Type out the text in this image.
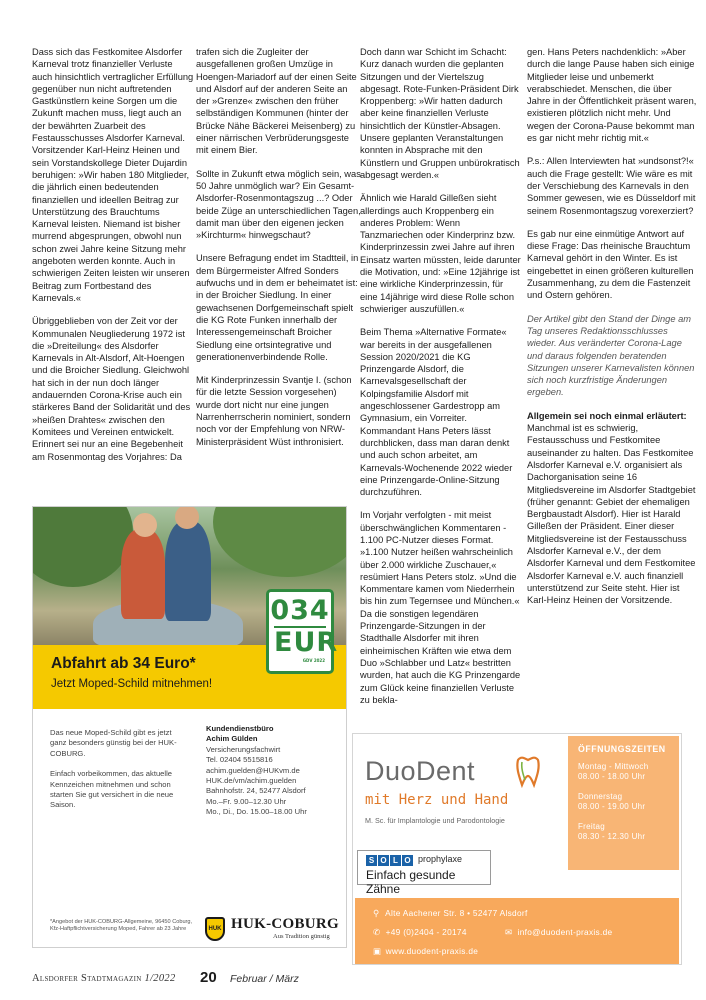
Dass sich das Festkomitee Alsdorfer Karneval trotz finanzieller Verluste auch hinsichtlich vertraglicher Erfüllung gegenüber nun nicht auftretenden Gastkünstlern keine Sorgen um die Zukunft machen muss, liegt auch an der bewährten Zuarbeit des Festausschusses Alsdorfer Karneval. Vorsitzender Karl-Heinz Heinen und sein Vorstandskollege Dieter Dujardin beruhigen: »Wir haben 180 Mitglieder, die jährlich einen bedeutenden finanziellen und ideellen Beitrag zur Unterstützung des Brauchtums Karneval leisten. Niemand ist bisher murrend abgesprungen, obwohl nun schon zwei Jahre keine Sitzung mehr angeboten werden konnte. Auch in schwierigen Zeiten leisten wir unseren Beitrag zum Fortbestand des Karnevals.«

Übriggeblieben von der Zeit vor der Kommunalen Neugliederung 1972 ist die »Dreiteilung« des Alsdorfer Karnevals in Alt-Alsdorf, Alt-Hoengen und die Broicher Siedlung. Gleichwohl hat sich in der nun doch länger andauernden Corona-Krise auch ein stärkeres Band der Solidarität und des »heißen Drahtes« zwischen den Komitees und Vereinen entwickelt. Erinnert sei nur an eine Begebenheit am Rosenmontag des Vorjahres: Da

trafen sich die Zugleiter der ausgefallenen großen Umzüge in Hoengen-Mariadorf auf der einen Seite und Alsdorf auf der anderen Seite an der »Grenze« zwischen den früher selbständigen Kommunen (hinter der Brücke Nähe Bäckerei Meisenberg) zu einer närrischen Verbrüderungsgeste mit einem Bier.

Sollte in Zukunft etwa möglich sein, was 50 Jahre unmöglich war? Ein Gesamt-Alsdorfer-Rosenmontagszug ...? Oder beide Züge an unterschiedlichen Tagen, damit man über den eigenen jecken »Kirchturm« hinwegschaut?

Unsere Befragung endet im Stadtteil, in dem Bürgermeister Alfred Sonders aufwuchs und in dem er beheimatet ist: in der Broicher Siedlung. In einer gewachsenen Dorfgemeinschaft spielt die KG Rote Funken innerhalb der Interessengemeinschaft Broicher Siedlung eine ortsintegrative und generationenverbindende Rolle.

Mit Kinderprinzessin Svantje I. (schon für die letzte Session vorgesehen) wurde dort nicht nur eine jungen Narrenherrscherin nominiert, sondern noch vor der Empfehlung von NRW-Ministerpräsident Wüst inthronisiert.

Doch dann war Schicht im Schacht: Kurz danach wurden die geplanten Sitzungen und der Viertelszug abgesagt. Rote-Funken-Präsident Dirk Kroppenberg: »Wir hatten dadurch aber keine finanziellen Verluste hinsichtlich der Künstler-Absagen. Unsere geplanten Veranstaltungen konnten in Absprache mit den Künstlern und Gruppen unbürokratisch abgesagt werden.«

Ähnlich wie Harald Gilleßen sieht allerdings auch Kroppenberg ein anderes Problem: Wenn Tanzmariechen oder Kinderprinz bzw. Kinderprinzessin zwei Jahre auf ihren Einsatz warten müssten, leide darunter die Motivation, und: »Eine 12jährige ist eine wirkliche Kinderprinzessin, für eine 14jährige wird diese Rolle schon schwieriger auszufüllen.«

Beim Thema »Alternative Formate« war bereits in der ausgefallenen Session 2020/2021 die KG Prinzengarde Alsdorf, die Karnevalsgesellschaft der Kolpingsfamilie Alsdorf mit angeschlossener Gardestropp am Gymnasium, ein Vorreiter. Kommandant Hans Peters lässt durchblicken, dass man daran denkt und auch schon arbeitet, am Karnevals-Wochenende 2022 wieder eine Prinzengarde-Online-Sitzung durchzuführen.

Im Vorjahr verfolgten - mit meist überschwänglichen Kommentaren - 1.100 PC-Nutzer dieses Format. »1.100 Nutzer heißen wahrscheinlich über 2.000 wirkliche Zuschauer,« resümiert Hans Peters stolz. »Und die Kommentare kamen vom Niederrhein bis hin zum Tegernsee und München.« Da die sonstigen legendären Prinzengarde-Sitzungen in der Stadthalle Alsdorfer mit ihren einheimischen Kräften wie etwa dem Duo »Schlabber und Latz« bestritten wurden, hat auch die KG Prinzengarde zum Glück keine finanziellen Verluste zu bekla-

gen. Hans Peters nachdenklich: »Aber durch die lange Pause haben sich einige Mitglieder leise und unbemerkt verabschiedet. Menschen, die über Jahre in der Öffentlichkeit präsent waren, existieren plötzlich nicht mehr. Und wegen der Corona-Pause bekommt man es gar nicht mehr richtig mit.«

P.s.: Allen Interviewten hat »undsonst?!« auch die Frage gestellt: Wie wäre es mit der Verschiebung des Karnevals in den Sommer gewesen, wie es Düsseldorf mit seinem Rosenmontagszug vorexerziert?

Es gab nur eine einmütige Antwort auf diese Frage: Das rheinische Brauchtum Karneval gehört in den Winter. Es ist eingebettet in einen größeren kulturellen Zusammenhang, zu dem die Fastenzeit und Ostern gehören.

Der Artikel gibt den Stand der Dinge am Tag unseres Redaktionsschlusses wieder. Aus veränderter Corona-Lage und daraus folgenden beratenden Sitzungen unserer Karnevalisten können sich noch kurzfristige Änderungen ergeben.

Allgemein sei noch einmal erläutert:

Manchmal ist es schwierig, Festausschuss und Festkomitee auseinander zu halten. Das Festkomitee Alsdorfer Karneval e.V. organisiert als Dachorganisation seine 16 Mitgliedsvereine im Alsdorfer Stadtgebiet (früher genannt: Gebiet der ehemaligen Bergbaustadt Alsdorf). Hier ist Harald Gilleßen der Präsident. Einer dieser Mitgliedsvereine ist der Festausschuss Alsdorfer Karneval e.V., der dem Alsdorfer Karneval und dem Festkomitee Alsdorfer Karneval e.V. auch finanziell unterstützend zur Seite steht. Hier ist Karl-Heinz Heinen der Vorsitzende.

034
EUR
GDV 2022
Abfahrt ab 34 Euro*
Jetzt Moped-Schild mitnehmen!

Das neue Moped-Schild gibt es jetzt ganz besonders günstig bei der HUK-COBURG.

Einfach vorbeikommen, das aktuelle Kennzeichen mitnehmen und schon starten Sie gut versichert in die neue Saison.

Kundendienstbüro
Achim Gülden
Versicherungsfachwirt
Tel. 02404 5515816
achim.guelden@HUKvm.de
HUK.de/vm/achim.guelden
Bahnhofstr. 24, 52477 Alsdorf
Mo.–Fr. 9.00–12.30 Uhr
Mo., Di., Do. 15.00–18.00 Uhr
*Angebot der HUK-COBURG-Allgemeine, 96450 Coburg, Kfz-Haftpflichtversicherung Moped, Fahrer ab 23 Jahre	HUK HUK-COBURG
Aus Tradition günstig
DuoDent
mit Herz und Hand
M. Sc. für Implantologie und Parodontologie
S O L O prophylaxe
Einfach gesunde Zähne
ÖFFNUNGSZEITEN
Montag - Mittwoch
08.00 - 18.00 Uhr
Donnerstag
08.00 - 19.00 Uhr
Freitag
08.30 - 12.30 Uhr
⚲ Alte Aachener Str. 8 • 52477 Alsdorf
✆ +49 (0)2404 - 20174	✉ info@duodent-praxis.de
▣ www.duodent-praxis.de
Alsdorfer Stadtmagazin 1/2022 20 Februar / März
